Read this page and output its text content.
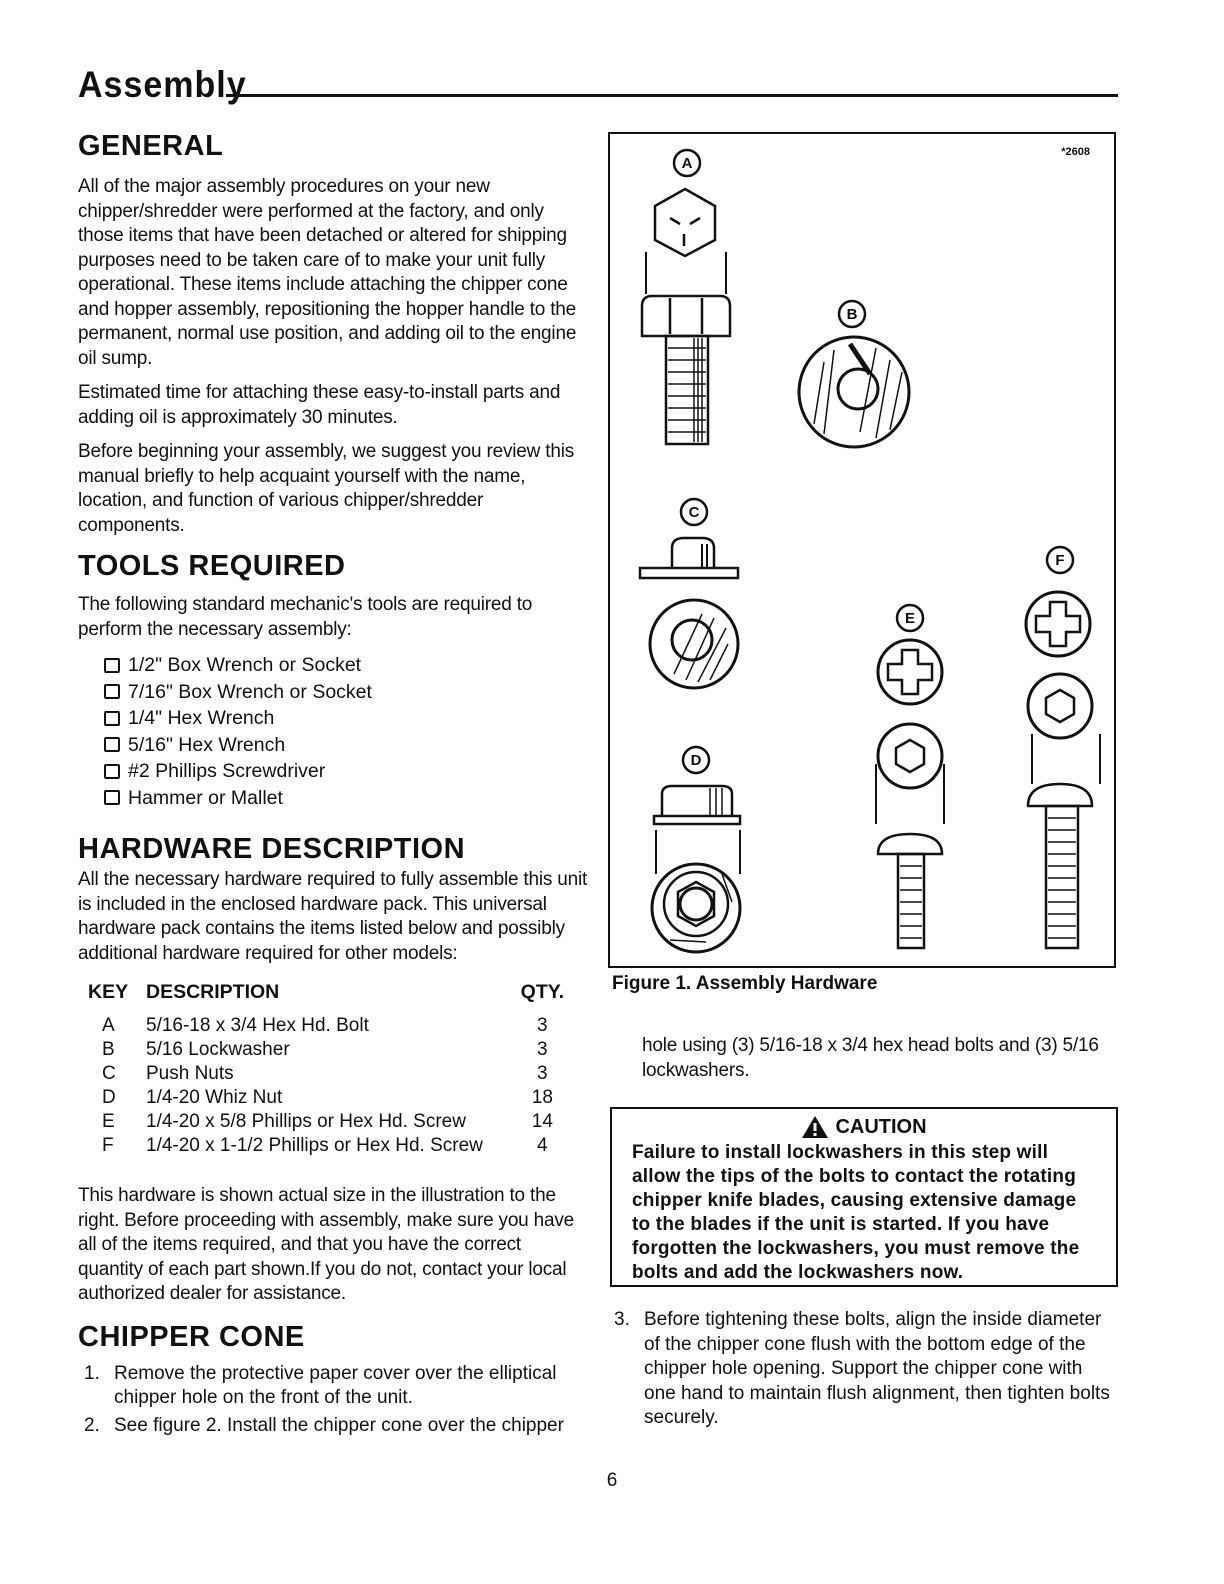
Assembly
GENERAL

All of the major assembly procedures on your new chipper/shredder were performed at the factory, and only those items that have been detached or altered for shipping purposes need to be taken care of to make your unit fully operational. These items include attaching the chipper cone and hopper assembly, repositioning the hopper handle to the permanent, normal use position, and adding oil to the engine oil sump.

Estimated time for attaching these easy-to-install parts and adding oil is approximately 30 minutes.

Before beginning your assembly, we suggest you review this manual briefly to help acquaint yourself with the name, location, and function of various chipper/shredder components.

TOOLS REQUIRED

The following standard mechanic's tools are required to perform the necessary assembly:

1/2" Box Wrench or Socket
7/16" Box Wrench or Socket
1/4" Hex Wrench
5/16" Hex Wrench
#2 Phillips Screwdriver
Hammer or Mallet
HARDWARE DESCRIPTION

All the necessary hardware required to fully assemble this unit is included in the enclosed hardware pack. This universal hardware pack contains the items listed below and possibly additional hardware required for other models:

KEY	DESCRIPTION	QTY.
A	5/16-18 x 3/4 Hex Hd. Bolt	3
B	5/16 Lockwasher	3
C	Push Nuts	3
D	1/4-20 Whiz Nut	18
E	1/4-20 x 5/8 Phillips or Hex Hd. Screw	14
F	1/4-20 x 1-1/2 Phillips or Hex Hd. Screw	4

This hardware is shown actual size in the illustration to the right. Before proceeding with assembly, make sure you have all of the items required, and that you have the correct quantity of each part shown.If you do not, contact your local authorized dealer for assistance.

CHIPPER CONE
1. Remove the protective paper cover over the elliptical chipper hole on the front of the unit.
2. See figure 2. Install the chipper cone over the chipper
*2608
A
B
C
D
E
F
Figure 1. Assembly Hardware

hole using (3) 5/16-18 x 3/4 hex head bolts and (3) 5/16 lockwashers.

CAUTION

Failure to install lockwashers in this step will allow the tips of the bolts to contact the rotating chipper knife blades, causing extensive damage to the blades if the unit is started. If you have forgotten the lockwashers, you must remove the bolts and add the lockwashers now.

3. Before tightening these bolts, align the inside diameter of the chipper cone flush with the bottom edge of the chipper hole opening. Support the chipper cone with one hand to maintain flush alignment, then tighten bolts securely.
6
